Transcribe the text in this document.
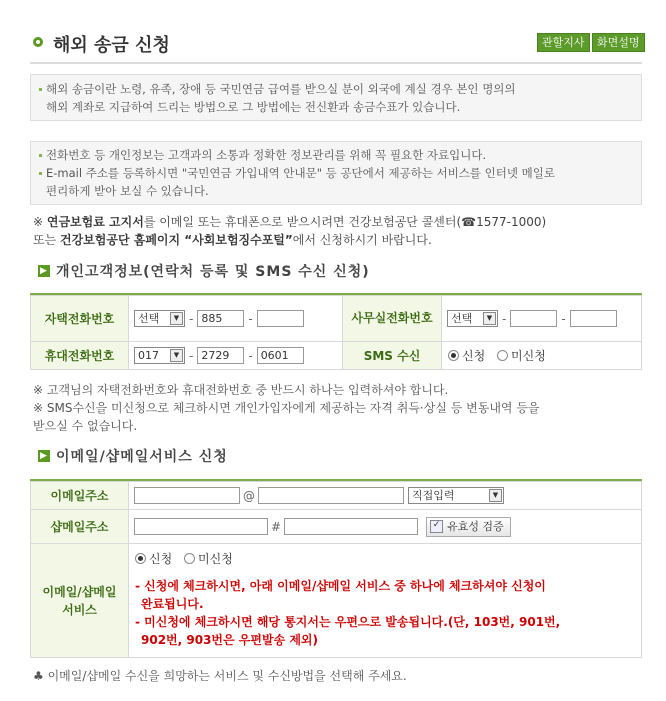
해외 송금 신청	관할지사	화면설명
해외 송금이란 노령, 유족, 장애 등 국민연금 급여를 받으실 분이 외국에 계실 경우 본인 명의의
해외 계좌로 지급하여 드리는 방법으로 그 방법에는 전신환과 송금수표가 있습니다.
전화번호 등 개인정보는 고객과의 소통과 정확한 정보관리를 위해 꼭 필요한 자료입니다.
E-mail 주소를 등록하시면 "국민연금 가입내역 안내문" 등 공단에서 제공하는 서비스를 인터넷 메일로
편리하게 받아 보실 수 있습니다.
※ 연금보험료 고지서를 이메일 또는 휴대폰으로 받으시려면 건강보험공단 콜센터(☎1577-1000)
또는 건강보험공단 홈페이지 “사회보험징수포털”에서 신청하시기 바랍니다.
▶ 개인고객정보(연락처 등록 및 SMS 수신 신청)
자택전화번호	선택 ▼ - 885 -	사무실전화번호	선택 ▼ - -
휴대전화번호	017 ▼ - 2729 - 0601	SMS 수신	신청 미신청
※ 고객님의 자택전화번호와 휴대전화번호 중 반드시 하나는 입력하셔야 합니다.
※ SMS수신을 미신청으로 체크하시면 개인가입자에게 제공하는 자격 취득·상실 등 변동내역 등을
받으실 수 없습니다.
▶ 이메일/샵메일서비스 신청
이메일주소	@ 직접입력 ▼

샵메일주소	# ✓ 유효성 검증
이메일/샵메일 서비스	신청 미신청
- 신청에 체크하시면, 아래 이메일/샵메일 서비스 중 하나에 체크하셔야 신청이
완료됩니다.
- 미신청에 체크하시면 해당 통지서는 우편으로 발송됩니다.(단, 103번, 901번,
902번, 903번은 우편발송 제외)
♣ 이메일/샵메일 수신을 희망하는 서비스 및 수신방법을 선택해 주세요.
